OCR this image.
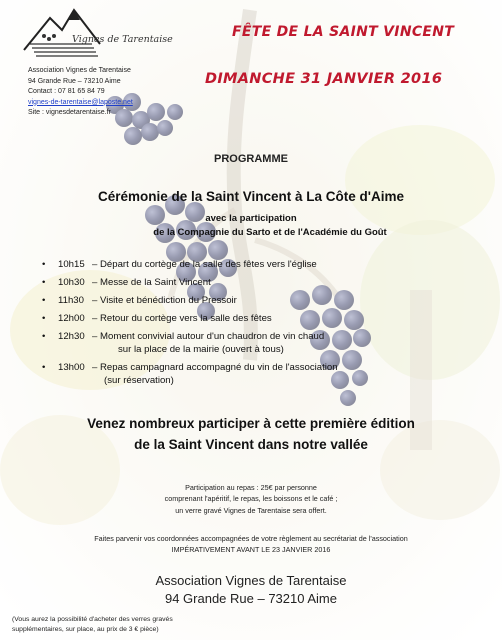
Vignes de Tarentaise
Association Vignes de Tarentaise
94 Grande Rue – 73210 Aime
Contact : 07 81 65 84 79
vignes-de-tarentaise@laposte.net
Site : vignesdetarentaise.fr
FÊTE DE LA SAINT VINCENT
DIMANCHE 31 JANVIER 2016
PROGRAMME
Cérémonie de la Saint Vincent à La Côte d'Aime
avec la participation
de la Compagnie du Sarto et de l'Académie du Goût
• 10h15 – Départ du cortège de la salle des fêtes vers l'église
• 10h30 – Messe de la Saint Vincent
• 11h30 – Visite et bénédiction du Pressoir
• 12h00 – Retour du cortège vers la salle des fêtes
• 12h30 – Moment convivial autour d'un chaudron de vin chaud
sur la place de la mairie (ouvert à tous)
• 13h00 – Repas campagnard accompagné du vin de l'association
(sur réservation)
Venez nombreux participer à cette première édition
de la Saint Vincent dans notre vallée
Participation au repas : 25€ par personne
comprenant l'apéritif, le repas, les boissons et le café ;
un verre gravé Vignes de Tarentaise sera offert.
Faites parvenir vos coordonnées accompagnées de votre règlement au secrétariat de l'association
IMPÉRATIVEMENT AVANT LE 23 JANVIER 2016
Association Vignes de Tarentaise
94 Grande Rue – 73210 Aime
(Vous aurez la possibilité d'acheter des verres gravés
supplémentaires, sur place, au prix de 3 € pièce)
